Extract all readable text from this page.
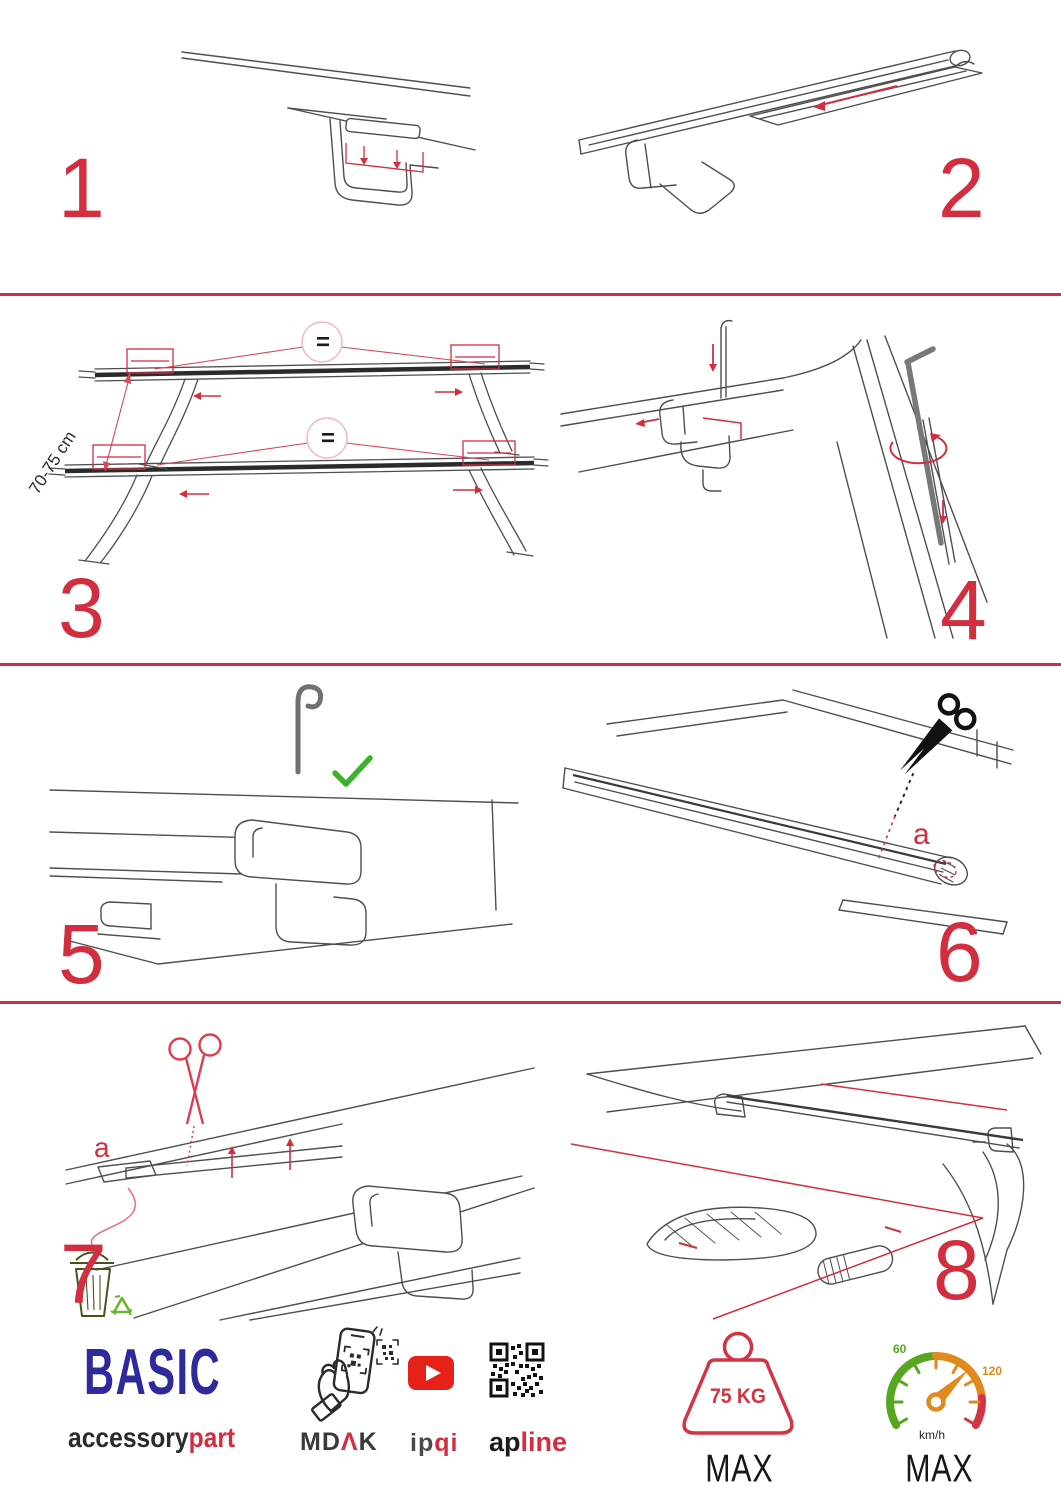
1	2
=
=
70-75 cm
3	4
5
a
6
a
7	8
BASIC
accessorypart	MDΛK ipqi apline
75 KG
MAX
60
120
km/h
MAX
